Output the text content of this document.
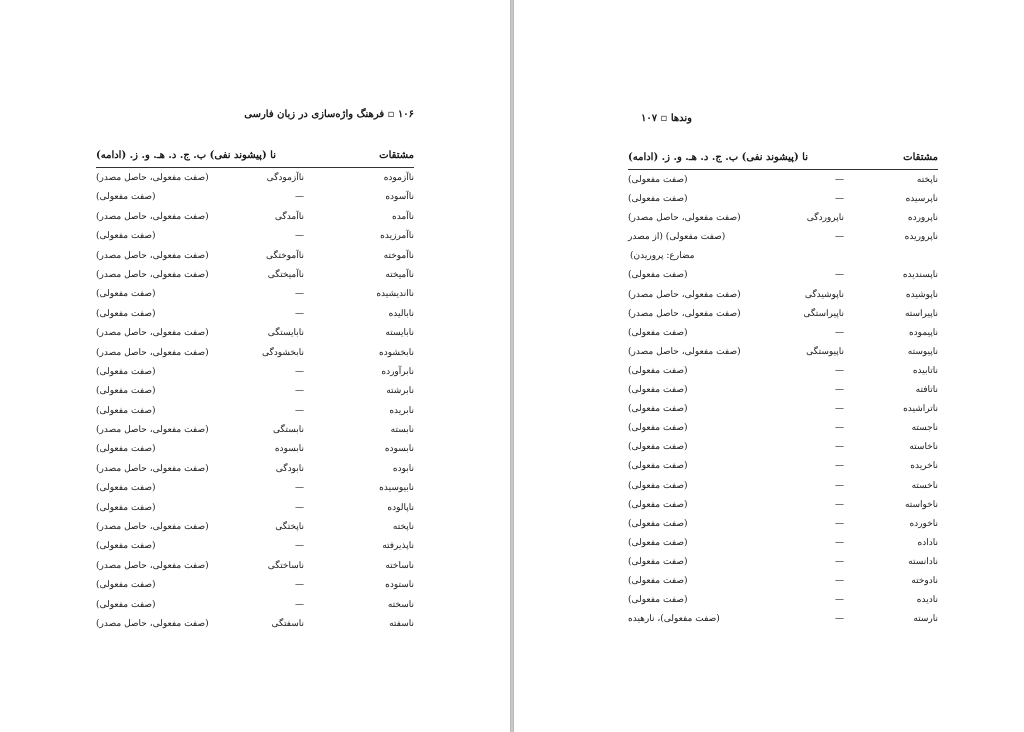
۱۰۶ ▫ فرهنگ واژه‌سازی در زبان فارسی
مشتقات
نا (پیشوند نفی) ب. ج. د. هـ. و. ز. (ادامه)
ناآزموده
ناآزمودگی
(صفت مفعولی، حاصل مصدر)
ناآسوده
—
(صفت مفعولی)
ناآمده
ناآمدگی
(صفت مفعولی، حاصل مصدر)
ناآمرزیده
—
(صفت مفعولی)
ناآموخته
ناآموختگی
(صفت مفعولی، حاصل مصدر)
ناآمیخته
ناآمیختگی
(صفت مفعولی، حاصل مصدر)
نااندیشیده
—
(صفت مفعولی)
نابالیده
—
(صفت مفعولی)
نابایسته
نابایستگی
(صفت مفعولی، حاصل مصدر)
نابخشوده
نابخشودگی
(صفت مفعولی، حاصل مصدر)
نابرآورده
—
(صفت مفعولی)
نابرشته
—
(صفت مفعولی)
نابریده
—
(صفت مفعولی)
نابسته
نابستگی
(صفت مفعولی، حاصل مصدر)
نابسوده
نابسوده
(صفت مفعولی)
نابوده
نابودگی
(صفت مفعولی، حاصل مصدر)
نابیوسیده
—
(صفت مفعولی)
ناپالوده
—
(صفت مفعولی)
ناپخته
ناپختگی
(صفت مفعولی، حاصل مصدر)
ناپذیرفته
—
(صفت مفعولی)
ناساخته
ناساختگی
(صفت مفعولی، حاصل مصدر)
ناستوده
—
(صفت مفعولی)
ناسخته
—
(صفت مفعولی)
ناسفته
ناسفتگی
(صفت مفعولی، حاصل مصدر)
وندها ▫ ۱۰۷
مشتقات
نا (پیشوند نفی) ب. ج. د. هـ. و. ز. (ادامه)
ناپخته
—
(صفت مفعولی)
ناپرسیده
—
(صفت مفعولی)
ناپرورده
ناپروردگی
(صفت مفعولی، حاصل مصدر)
ناپروریده
—
(صفت مفعولی) (از مصدر
مضارع: پروریدن)
ناپسندیده
—
(صفت مفعولی)
ناپوشیده
ناپوشیدگی
(صفت مفعولی، حاصل مصدر)
ناپیراسته
ناپیراستگی
(صفت مفعولی، حاصل مصدر)
ناپیموده
—
(صفت مفعولی)
ناپیوسته
ناپیوستگی
(صفت مفعولی، حاصل مصدر)
ناتابیده
—
(صفت مفعولی)
ناتافته
—
(صفت مفعولی)
ناتراشیده
—
(صفت مفعولی)
ناجسته
—
(صفت مفعولی)
ناخاسته
—
(صفت مفعولی)
ناخریده
—
(صفت مفعولی)
ناخسته
—
(صفت مفعولی)
ناخواسته
—
(صفت مفعولی)
ناخورده
—
(صفت مفعولی)
ناداده
—
(صفت مفعولی)
نادانسته
—
(صفت مفعولی)
نادوخته
—
(صفت مفعولی)
نادیده
—
(صفت مفعولی)
نارسته
—
(صفت مفعولی)، نارهیده
